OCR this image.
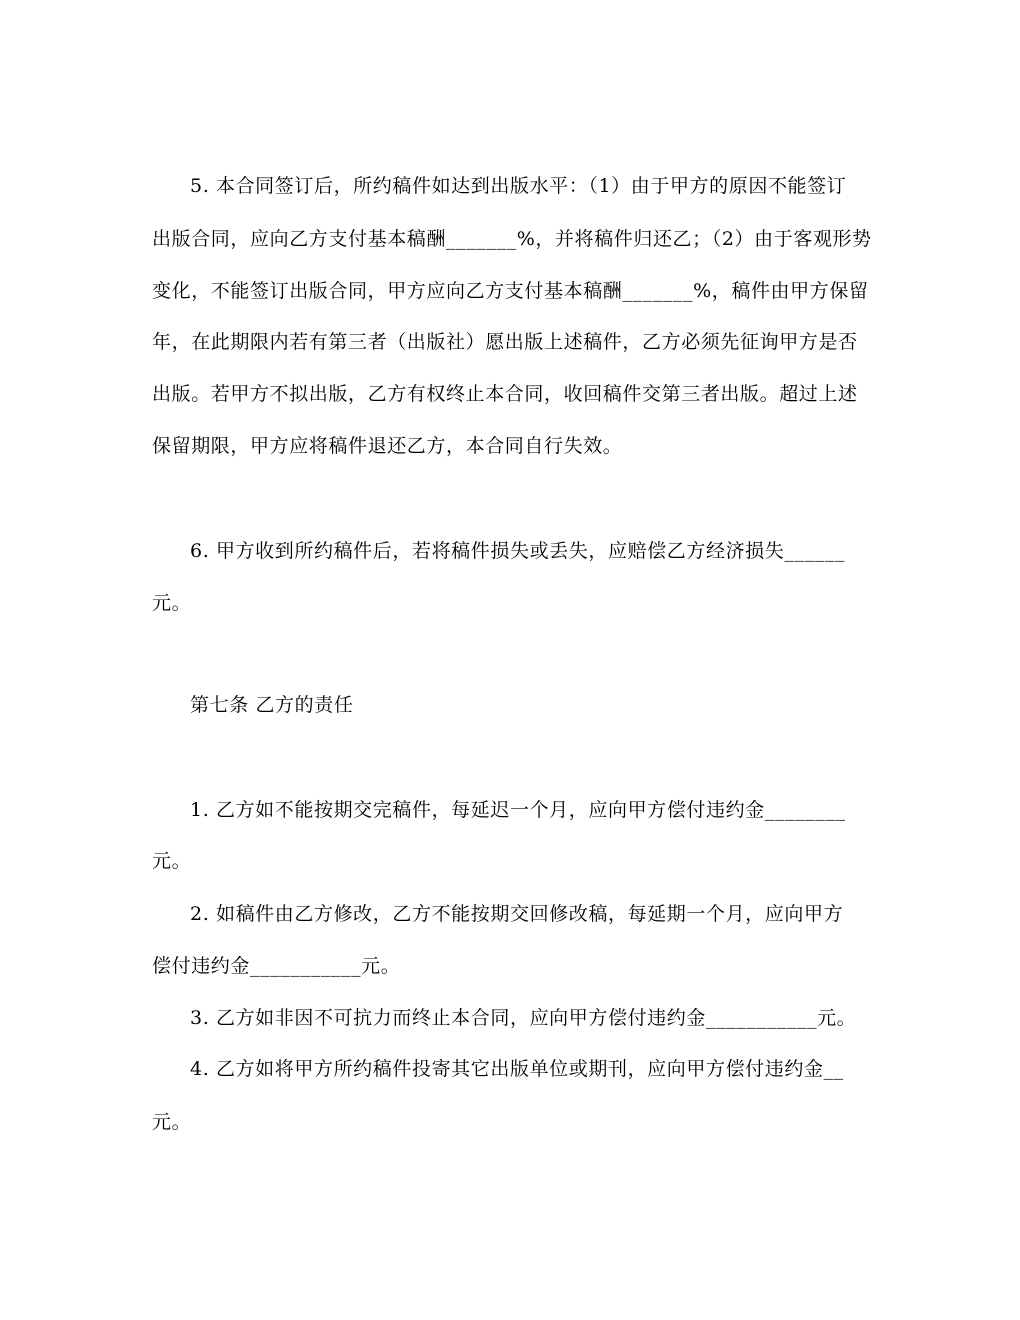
5. 本合同签订后，所约稿件如达到出版水平：（1）由于甲方的原因不能签订
出版合同，应向乙方支付基本稿酬_______%，并将稿件归还乙；（2）由于客观形势
变化，不能签订出版合同，甲方应向乙方支付基本稿酬_______%，稿件由甲方保留
年，在此期限内若有第三者（出版社）愿出版上述稿件，乙方必须先征询甲方是否
出版。若甲方不拟出版，乙方有权终止本合同，收回稿件交第三者出版。超过上述
保留期限，甲方应将稿件退还乙方，本合同自行失效。
6. 甲方收到所约稿件后，若将稿件损失或丢失，应赔偿乙方经济损失______
元。
第七条 乙方的责任
1. 乙方如不能按期交完稿件，每延迟一个月，应向甲方偿付违约金________
元。
2. 如稿件由乙方修改，乙方不能按期交回修改稿，每延期一个月，应向甲方
偿付违约金___________元。
3. 乙方如非因不可抗力而终止本合同，应向甲方偿付违约金___________元。
4. 乙方如将甲方所约稿件投寄其它出版单位或期刊，应向甲方偿付违约金__
元。
